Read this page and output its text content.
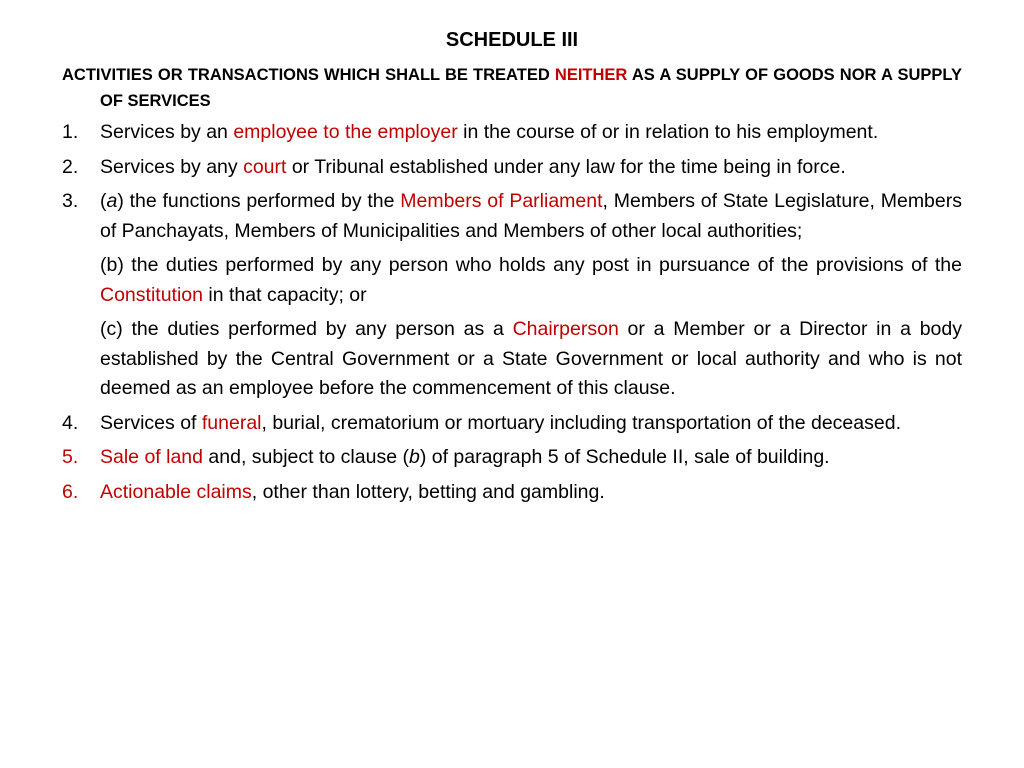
SCHEDULE III
ACTIVITIES OR TRANSACTIONS WHICH SHALL BE TREATED NEITHER AS A SUPPLY OF GOODS NOR A SUPPLY OF SERVICES
1. Services by an employee to the employer in the course of or in relation to his employment.
2. Services by any court or Tribunal established under any law for the time being in force.
3. (a) the functions performed by the Members of Parliament, Members of State Legislature, Members of Panchayats, Members of Municipalities and Members of other local authorities;
(b) the duties performed by any person who holds any post in pursuance of the provisions of the Constitution in that capacity; or
(c) the duties performed by any person as a Chairperson or a Member or a Director in a body established by the Central Government or a State Government or local authority and who is not deemed as an employee before the commencement of this clause.
4. Services of funeral, burial, crematorium or mortuary including transportation of the deceased.
5. Sale of land and, subject to clause (b) of paragraph 5 of Schedule II, sale of building.
6. Actionable claims, other than lottery, betting and gambling.
